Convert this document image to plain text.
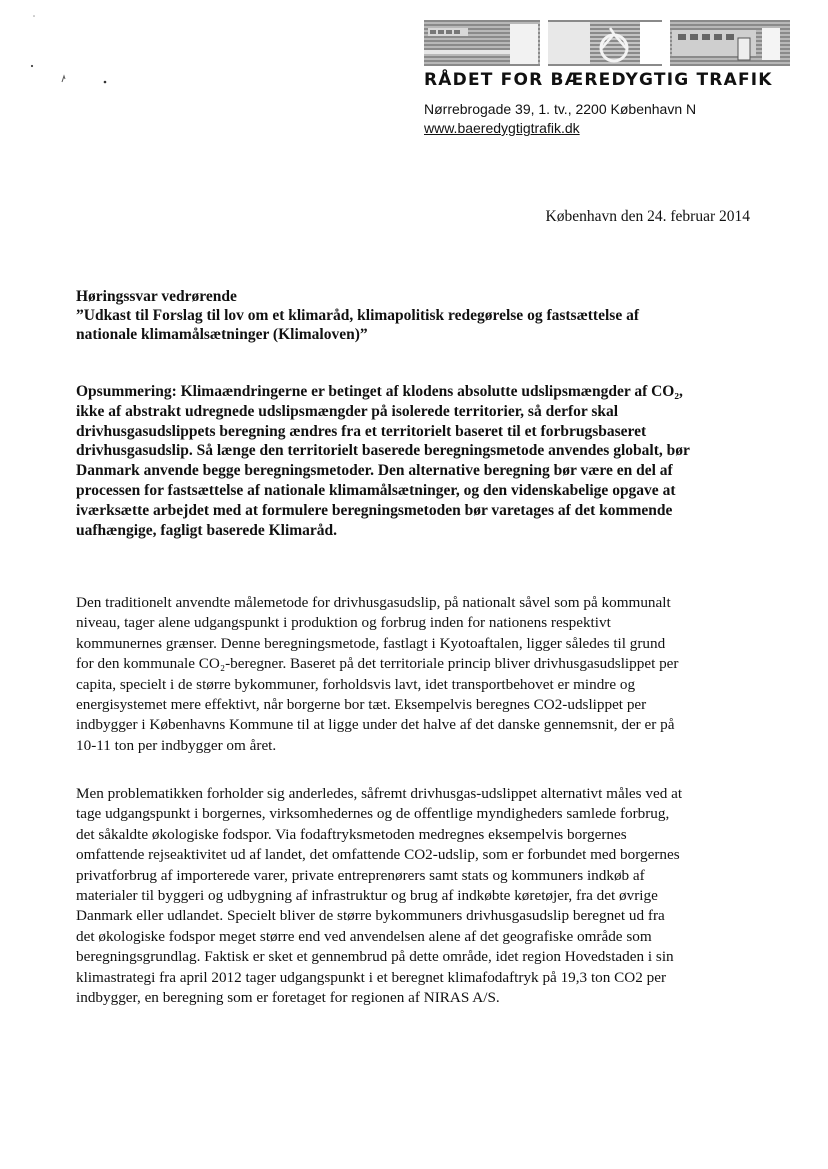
RÅDET FOR BÆREDYGTIG TRAFIK
Nørrebrogade 39, 1. tv., 2200 København N
www.baeredygtigtrafik.dk
København den 24. februar 2014
Høringssvar vedrørende
”Udkast til Forslag til lov om et klimaråd, klimapolitisk redegørelse og fastsættelse af
nationale klimamålsætninger (Klimaloven)”
Opsummering: Klimaændringerne er betinget af klodens absolutte udslipsmængder af CO₂,
ikke af abstrakt udregnede udslipsmængder på isolerede territorier, så derfor skal
drivhusgasudslippets beregning ændres fra et territorielt baseret til et forbrugsbaseret
drivhusgasudslip. Så længe den territorielt baserede beregningsmetode anvendes globalt, bør
Danmark anvende begge beregningsmetoder. Den alternative beregning bør være en del af
processen for fastsættelse af nationale klimamålsætninger, og den videnskabelige opgave at
iværksætte arbejdet med at formulere beregningsmetoden bør varetages af det kommende
uafhængige, fagligt baserede Klimaråd.
Den traditionelt anvendte målemetode for drivhusgasudslip, på nationalt såvel som på kommunalt
niveau, tager alene udgangspunkt i produktion og forbrug inden for nationens respektivt
kommunernes grænser. Denne beregningsmetode, fastlagt i Kyotoaftalen, ligger således til grund
for den kommunale CO₂-beregner. Baseret på det territoriale princip bliver drivhusgasudslippet per
capita, specielt i de større bykommuner, forholdsvis lavt, idet transportbehovet er mindre og
energisystemet mere effektivt, når borgerne bor tæt. Eksempelvis beregnes CO2-udslippet per
indbygger i Københavns Kommune til at ligge under det halve af det danske gennemsnit, der er på
10-11 ton per indbygger om året.
Men problematikken forholder sig anderledes, såfremt drivhusgas-udslippet alternativt måles ved at
tage udgangspunkt i borgernes, virksomhedernes og de offentlige myndigheders samlede forbrug,
det såkaldte økologiske fodspor. Via fodaftryksmetoden medregnes eksempelvis borgernes
omfattende rejseaktivitet ud af landet, det omfattende CO2-udslip, som er forbundet med borgernes
privatforbrug af importerede varer, private entreprenørers samt stats og kommuners indkøb af
materialer til byggeri og udbygning af infrastruktur og brug af indkøbte køretøjer, fra det øvrige
Danmark eller udlandet. Specielt bliver de større bykommuners drivhusgasudslip beregnet ud fra
det økologiske fodspor meget større end ved anvendelsen alene af det geografiske område som
beregningsgrundlag. Faktisk er sket et gennembrud på dette område, idet region Hovedstaden i sin
klimastrategi fra april 2012 tager udgangspunkt i et beregnet klimafodaftryk på 19,3 ton CO2 per
indbygger, en beregning som er foretaget for regionen af NIRAS A/S.
